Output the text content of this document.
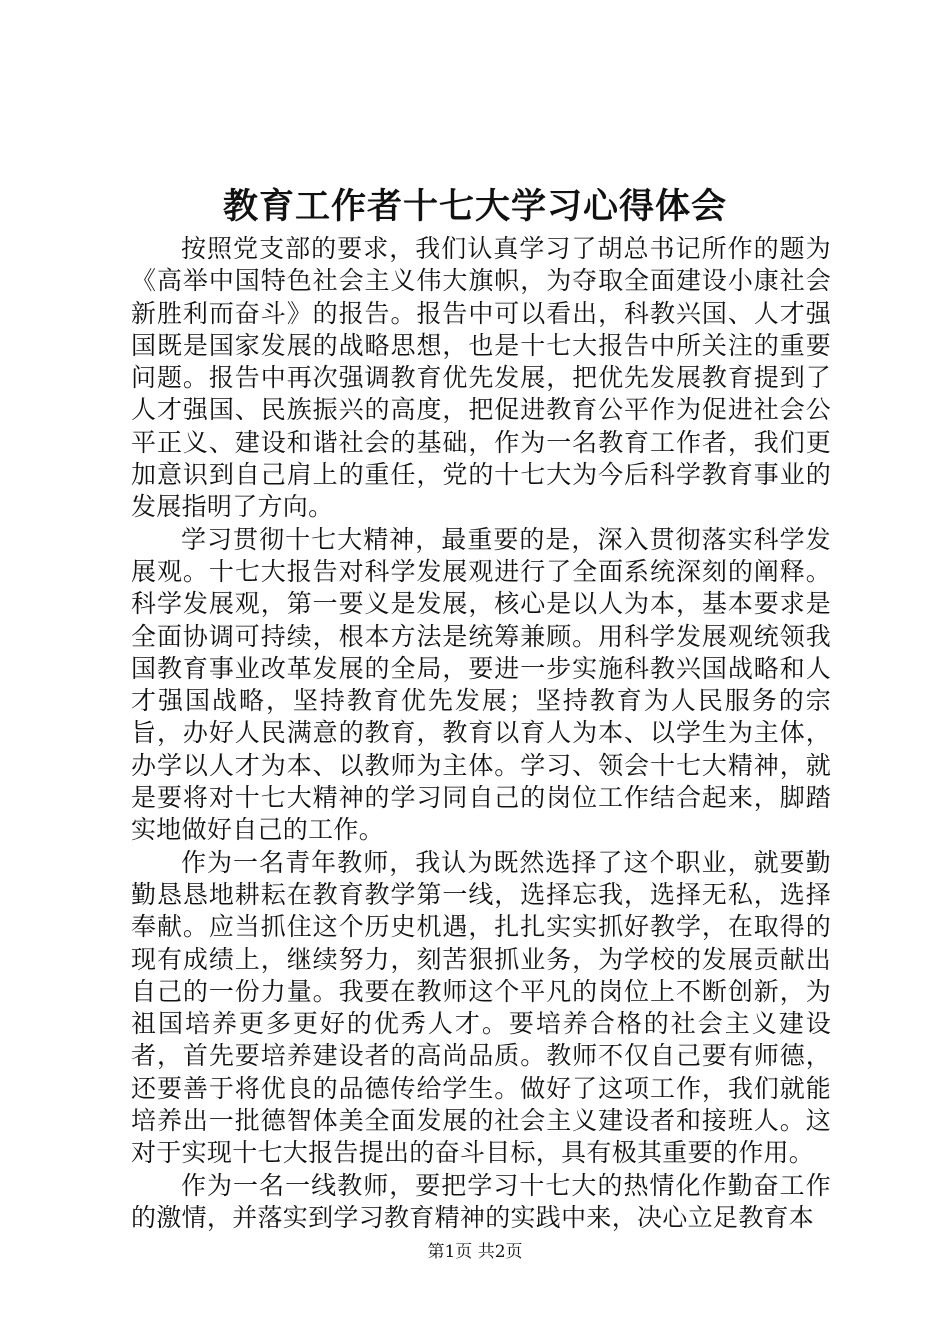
教育工作者十七大学习心得体会

按照党支部的要求，我们认真学习了胡总书记所作的题为《高举中国特色社会主义伟大旗帜，为夺取全面建设小康社会新胜利而奋斗》的报告。报告中可以看出，科教兴国、人才强国既是国家发展的战略思想，也是十七大报告中所关注的重要问题。报告中再次强调教育优先发展，把优先发展教育提到了人才强国、民族振兴的高度，把促进教育公平作为促进社会公平正义、建设和谐社会的基础，作为一名教育工作者，我们更加意识到自己肩上的重任，党的十七大为今后科学教育事业的发展指明了方向。

学习贯彻十七大精神，最重要的是，深入贯彻落实科学发展观。十七大报告对科学发展观进行了全面系统深刻的阐释。科学发展观，第一要义是发展，核心是以人为本，基本要求是全面协调可持续，根本方法是统筹兼顾。用科学发展观统领我国教育事业改革发展的全局，要进一步实施科教兴国战略和人才强国战略，坚持教育优先发展；坚持教育为人民服务的宗旨，办好人民满意的教育，教育以育人为本、以学生为主体，办学以人才为本、以教师为主体。学习、领会十七大精神，就是要将对十七大精神的学习同自己的岗位工作结合起来，脚踏实地做好自己的工作。

作为一名青年教师，我认为既然选择了这个职业，就要勤勤恳恳地耕耘在教育教学第一线，选择忘我，选择无私，选择奉献。应当抓住这个历史机遇，扎扎实实抓好教学，在取得的现有成绩上，继续努力，刻苦狠抓业务，为学校的发展贡献出自己的一份力量。我要在教师这个平凡的岗位上不断创新，为祖国培养更多更好的优秀人才。要培养合格的社会主义建设者，首先要培养建设者的高尚品质。教师不仅自己要有师德，还要善于将优良的品德传给学生。做好了这项工作，我们就能培养出一批德智体美全面发展的社会主义建设者和接班人。这对于实现十七大报告提出的奋斗目标，具有极其重要的作用。

作为一名一线教师，要把学习十七大的热情化作勤奋工作的激情，并落实到学习教育精神的实践中来，决心立足教育本

第1页 共2页
